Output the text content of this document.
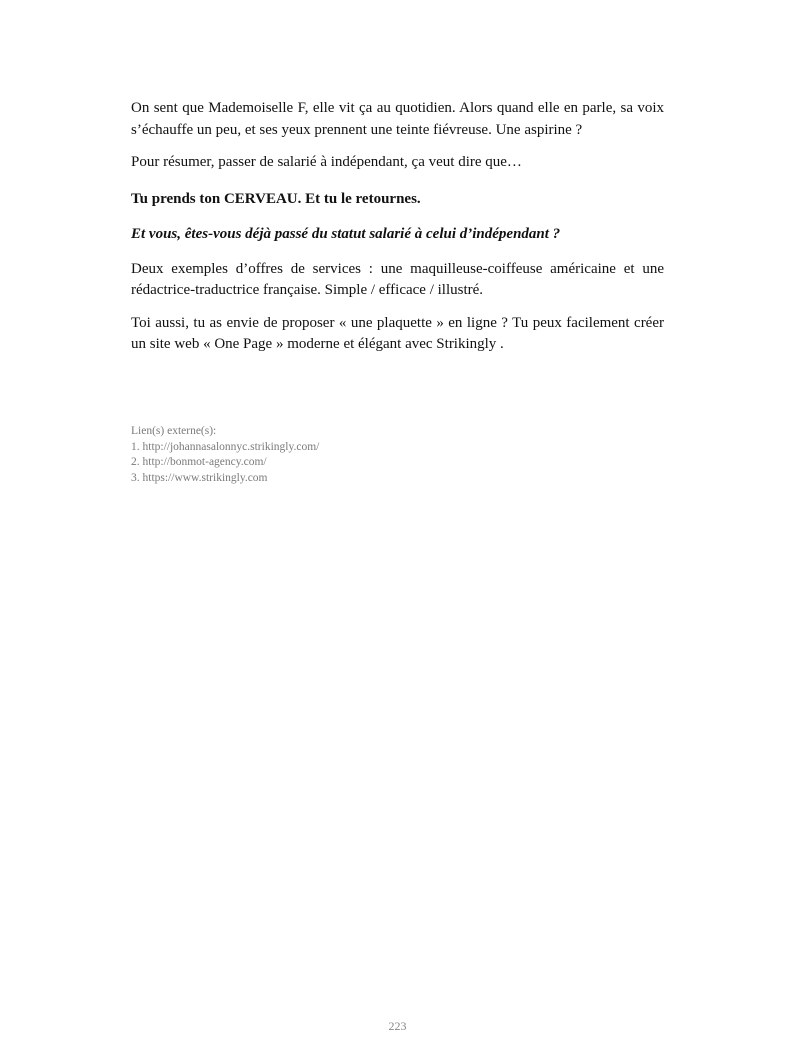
On sent que Mademoiselle F, elle vit ça au quotidien. Alors quand elle en parle, sa voix s’échauffe un peu, et ses yeux prennent une teinte fiévreuse. Une aspirine ?

Pour résumer, passer de salarié à indépendant, ça veut dire que…

Tu prends ton CERVEAU. Et tu le retournes.

Et vous, êtes-vous déjà passé du statut salarié à celui d’indépendant ?

Deux exemples d’offres de services : une maquilleuse-coiffeuse américaine et une rédactrice-traductrice française. Simple / efficace / illustré.

Toi aussi, tu as envie de proposer « une plaquette » en ligne ? Tu peux facilement créer un site web « One Page » moderne et élégant avec Strikingly .

Lien(s) externe(s):
1. http://johannasalonnyc.strikingly.com/
2. http://bonmot-agency.com/
3. https://www.strikingly.com
223
